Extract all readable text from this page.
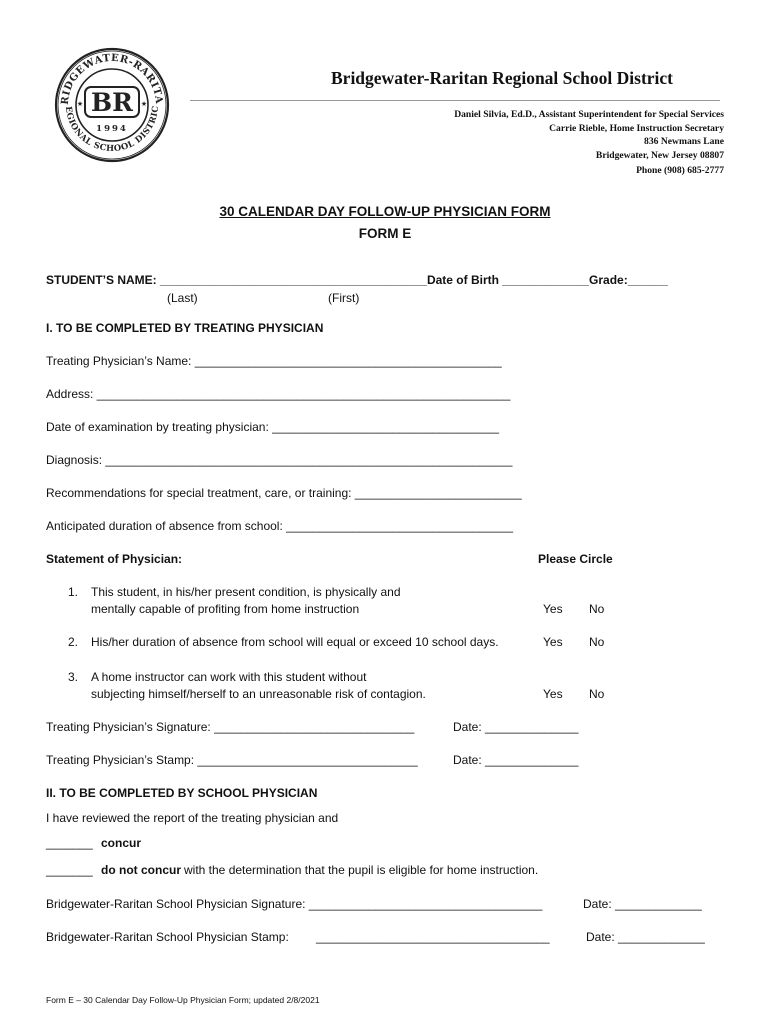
RIDGEWATER-RARITA
EGIONAL SCHOOL DISTRIC
BR
1994
★	★
Bridgewater-Raritan Regional School District
Daniel Silvia, Ed.D., Assistant Superintendent for Special Services
Carrie Rieble, Home Instruction Secretary
836 Newmans Lane
Bridgewater, New Jersey 08807
Phone (908) 685-2777
30 CALENDAR DAY FOLLOW-UP PHYSICIAN FORM
FORM E
STUDENT’S NAME: ________________________________________Date of Birth _____________Grade:______
(Last)	(First)
I. TO BE COMPLETED BY TREATING PHYSICIAN
Treating Physician’s Name: ______________________________________________
Address: ______________________________________________________________
Date of examination by treating physician: __________________________________
Diagnosis: _____________________________________________________________
Recommendations for special treatment, care, or training: _________________________
Anticipated duration of absence from school: __________________________________
Statement of Physician:	Please Circle
1. This student, in his/her present condition, is physically and
mentally capable of profiting from home instruction	Yes No
2. His/her duration of absence from school will equal or exceed 10 school days.	Yes No
3. A home instructor can work with this student without
subjecting himself/herself to an unreasonable risk of contagion.	Yes No
Treating Physician’s Signature: ______________________________	Date: ______________
Treating Physician’s Stamp: _________________________________	Date: ______________
II. TO BE COMPLETED BY SCHOOL PHYSICIAN
I have reviewed the report of the treating physician and
_______ concur
_______ do not concur with the determination that the pupil is eligible for home instruction.
Bridgewater-Raritan School Physician Signature: ___________________________________	Date: _____________
Bridgewater-Raritan School Physician Stamp: ___________________________________	Date: _____________
Form E – 30 Calendar Day Follow-Up Physician Form; updated 2/8/2021
